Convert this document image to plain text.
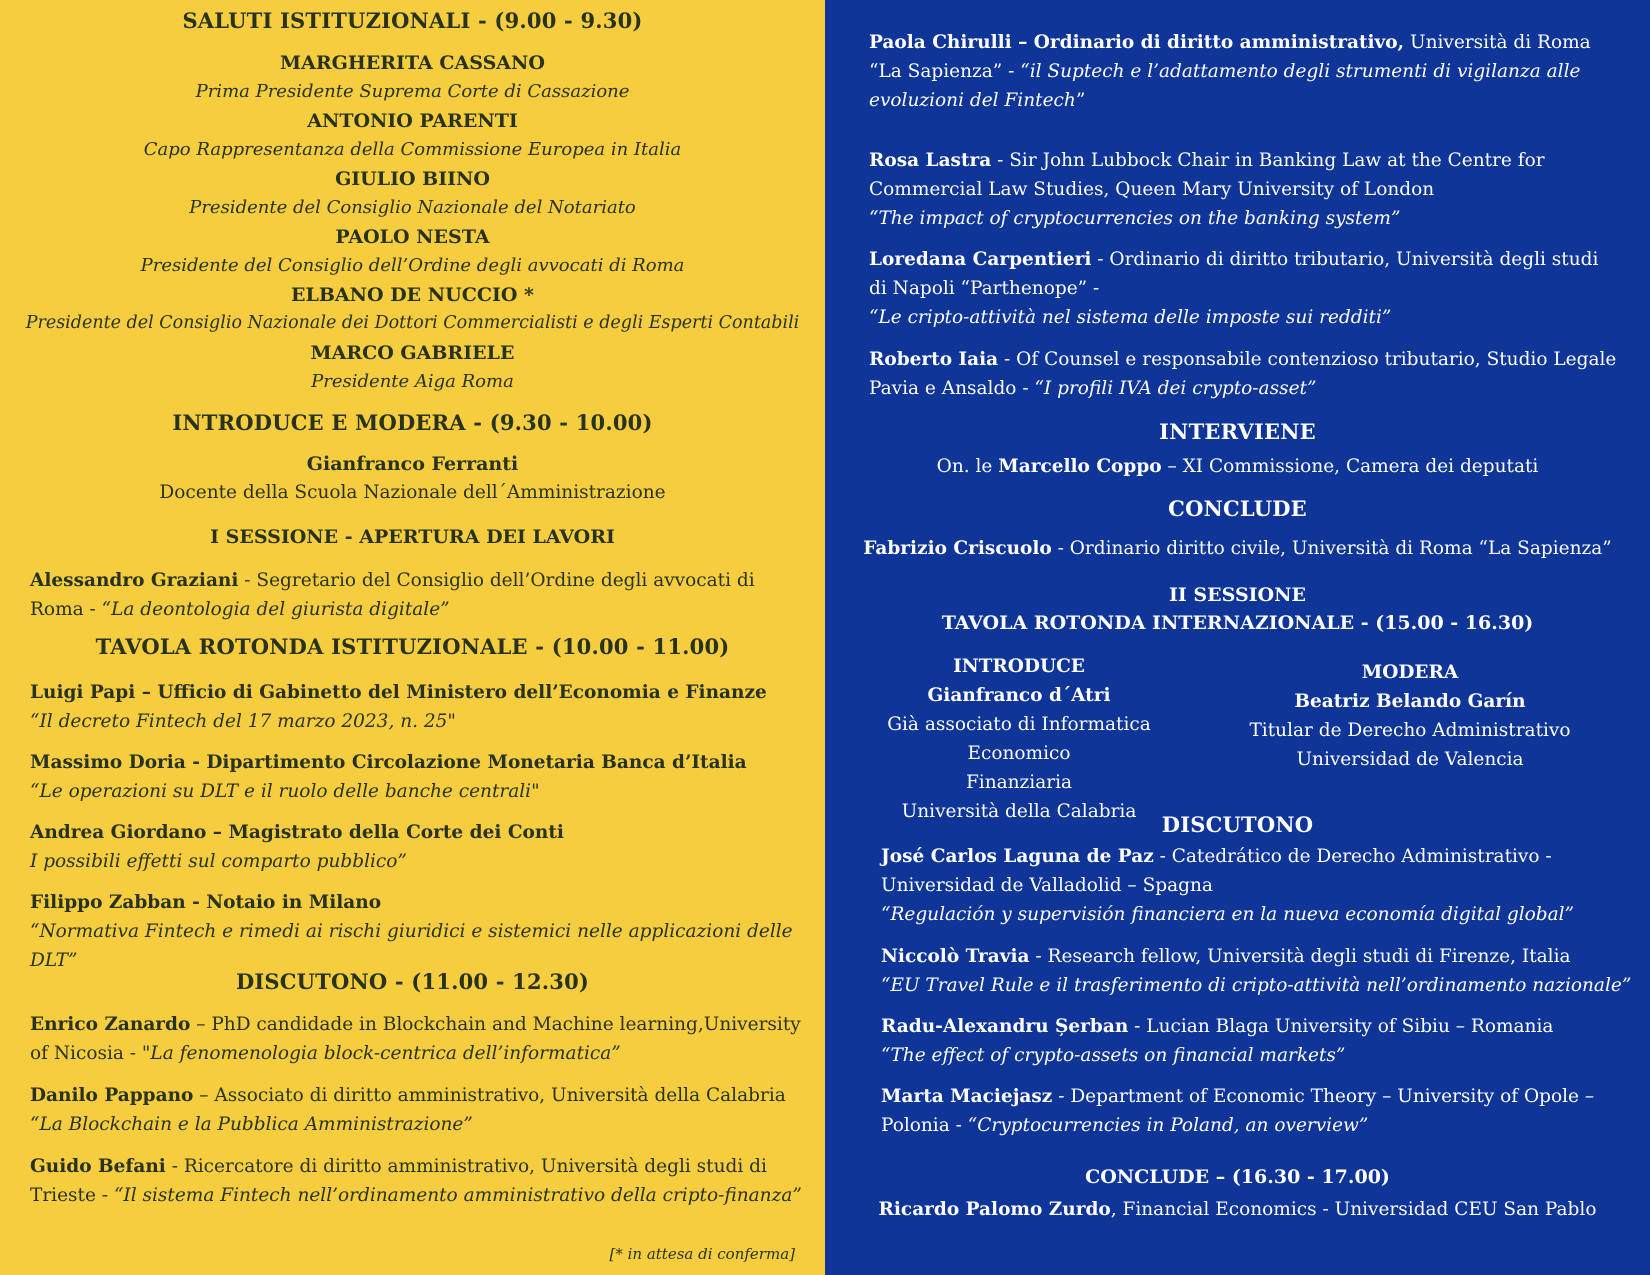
SALUTI ISTITUZIONALI - (9.00 - 9.30)
MARGHERITA CASSANO
Prima Presidente Suprema Corte di Cassazione
ANTONIO PARENTI
Capo Rappresentanza della Commissione Europea in Italia
GIULIO BIINO
Presidente del Consiglio Nazionale del Notariato
PAOLO NESTA
Presidente del Consiglio dell’Ordine degli avvocati di Roma
ELBANO DE NUCCIO *
Presidente del Consiglio Nazionale dei Dottori Commercialisti e degli Esperti Contabili
MARCO GABRIELE
Presidente Aiga Roma
INTRODUCE E MODERA - (9.30 - 10.00)
Gianfranco Ferranti
Docente della Scuola Nazionale dell´Amministrazione
I SESSIONE - APERTURA DEI LAVORI
Alessandro Graziani - Segretario del Consiglio dell’Ordine degli avvocati di
Roma - “La deontologia del giurista digitale”
TAVOLA ROTONDA ISTITUZIONALE - (10.00 - 11.00)
Luigi Papi – Ufficio di Gabinetto del Ministero dell’Economia e Finanze
“Il decreto Fintech del 17 marzo 2023, n. 25"
Massimo Doria - Dipartimento Circolazione Monetaria Banca d’Italia
“Le operazioni su DLT e il ruolo delle banche centrali"
Andrea Giordano – Magistrato della Corte dei Conti
I possibili effetti sul comparto pubblico”
Filippo Zabban - Notaio in Milano
“Normativa Fintech e rimedi ai rischi giuridici e sistemici nelle applicazioni delle
DLT”
DISCUTONO - (11.00 - 12.30)
Enrico Zanardo – PhD candidade in Blockchain and Machine learning,University
of Nicosia - "La fenomenologia block-centrica dell’informatica”
Danilo Pappano – Associato di diritto amministrativo, Università della Calabria
“La Blockchain e la Pubblica Amministrazione”
Guido Befani - Ricercatore di diritto amministrativo, Università degli studi di
Trieste - “Il sistema Fintech nell’ordinamento amministrativo della cripto-finanza”
[* in attesa di conferma]
Paola Chirulli – Ordinario di diritto amministrativo, Università di Roma
“La Sapienza” - “il Suptech e l’adattamento degli strumenti di vigilanza alle
evoluzioni del Fintech”
Rosa Lastra - Sir John Lubbock Chair in Banking Law at the Centre for
Commercial Law Studies, Queen Mary University of London
“The impact of cryptocurrencies on the banking system”
Loredana Carpentieri - Ordinario di diritto tributario, Università degli studi
di Napoli “Parthenope” -
“Le cripto-attività nel sistema delle imposte sui redditi”
Roberto Iaia - Of Counsel e responsabile contenzioso tributario, Studio Legale
Pavia e Ansaldo - “I profili IVA dei crypto-asset”
INTERVIENE
On. le Marcello Coppo – XI Commissione, Camera dei deputati
CONCLUDE
Fabrizio Criscuolo - Ordinario diritto civile, Università di Roma “La Sapienza”
II SESSIONE
TAVOLA ROTONDA INTERNAZIONALE - (15.00 - 16.30)
INTRODUCE
Gianfranco d´Atri
Già associato di Informatica Economico
Finanziaria
Università della Calabria
MODERA
Beatriz Belando Garín
Titular de Derecho Administrativo
Universidad de Valencia
DISCUTONO
José Carlos Laguna de Paz - Catedrático de Derecho Administrativo -
Universidad de Valladolid – Spagna
“Regulación y supervisión financiera en la nueva economía digital global”
Niccolò Travia - Research fellow, Università degli studi di Firenze, Italia
“EU Travel Rule e il trasferimento di cripto-attività nell’ordinamento nazionale”
Radu-Alexandru Șerban - Lucian Blaga University of Sibiu – Romania
“The effect of crypto-assets on financial markets”
Marta Maciejasz - Department of Economic Theory – University of Opole –
Polonia - “Cryptocurrencies in Poland, an overview”
CONCLUDE – (16.30 - 17.00)
Ricardo Palomo Zurdo, Financial Economics - Universidad CEU San Pablo
